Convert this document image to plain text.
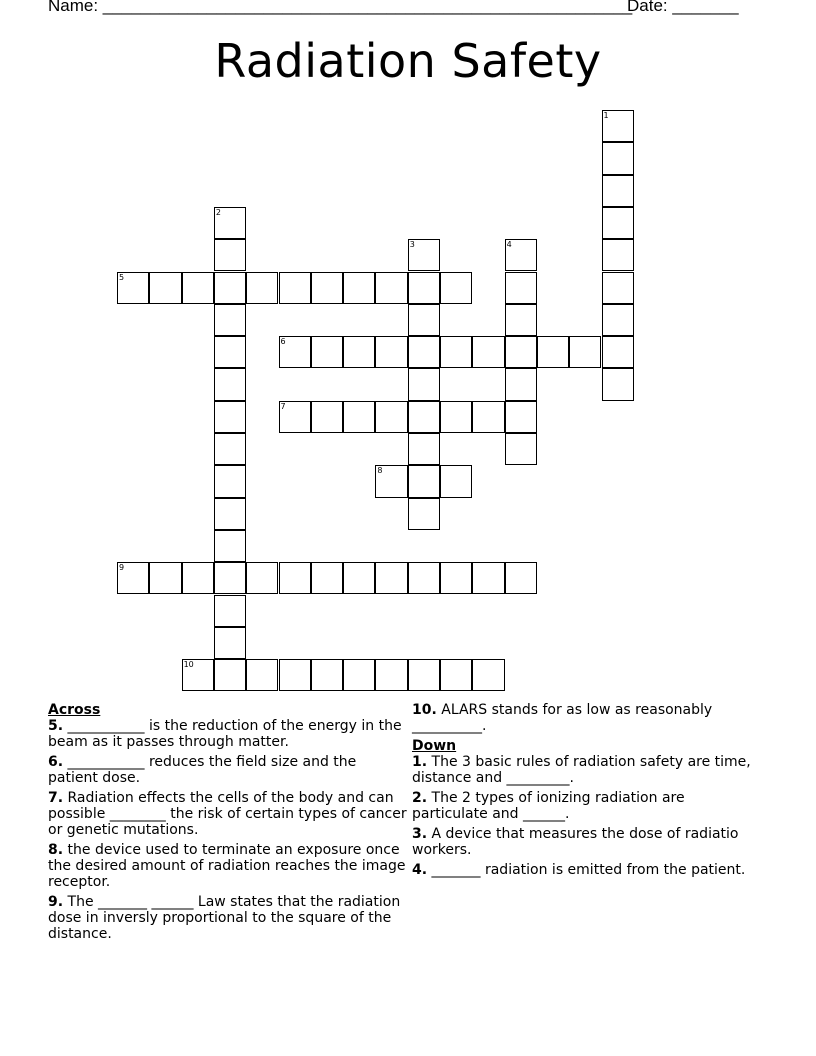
Name: ________________________________________________________
Date: _______
Radiation Safety
1
2
3	4
5
6
7
8
9
10
Across
5. ___________ is the reduction of the energy in the beam as it passes through matter.
6. ___________ reduces the field size and the patient dose.
7. Radiation effects the cells of the body and can possible ________ the risk of certain types of cancer or genetic mutations.
8. the device used to terminate an exposure once the desired amount of radiation reaches the image receptor.
9. The _______ ______ Law states that the radiation dose in inversly proportional to the square of the distance.
10. ALARS stands for as low as reasonably __________.
Down
1. The 3 basic rules of radiation safety are time, distance and _________.
2. The 2 types of ionizing radiation are particulate and ______.
3. A device that measures the dose of radiatio workers.
4. _______ radiation is emitted from the patient.
